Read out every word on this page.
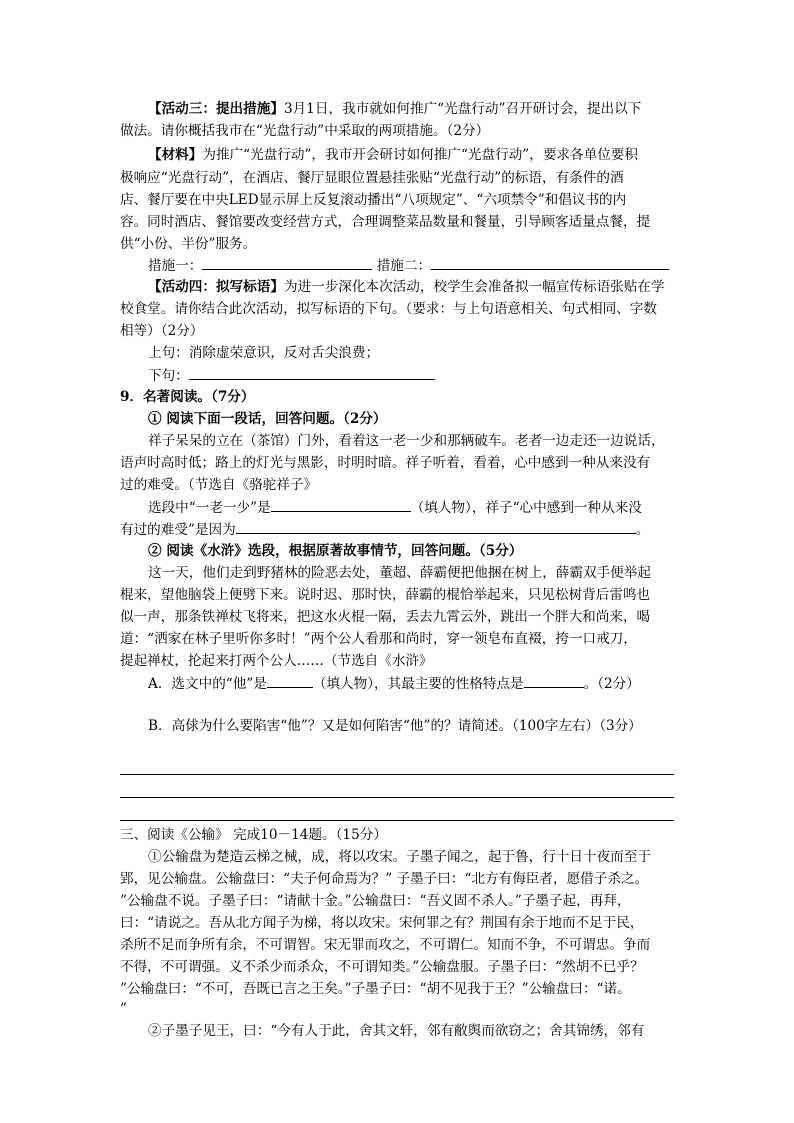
【活动三：提出措施】3月1日，我市就如何推广“光盘行动”召开研讨会，提出以下
做法。请你概括我市在“光盘行动”中采取的两项措施。（2分）
【材料】为推广“光盘行动”，我市开会研讨如何推广“光盘行动”，要求各单位要积
极响应“光盘行动”，在酒店、餐厅显眼位置悬挂张贴“光盘行动”的标语，有条件的酒
店、餐厅要在中央LED显示屏上反复滚动播出“八项规定”、“六项禁令”和倡议书的内
容。同时酒店、餐馆要改变经营方式，合理调整菜品数量和餐量，引导顾客适量点餐，提
供“小份、半份”服务。
措施一：	措施二：
【活动四：拟写标语】为进一步深化本次活动，校学生会准备拟一幅宣传标语张贴在学
校食堂。请你结合此次活动，拟写标语的下句。（要求：与上句语意相关、句式相同、字数
相等）（2分）
上句：消除虚荣意识，反对舌尖浪费；
下句：
9．名著阅读。（7分）
① 阅读下面一段话，回答问题。（2分）
祥子呆呆的立在（茶馆）门外，看着这一老一少和那辆破车。老者一边走还一边说话，
语声时高时低；路上的灯光与黑影，时明时暗。祥子听着，看着，心中感到一种从来没有
过的难受。（节选自《骆驼祥子》
选段中“一老一少”是	（填人物），祥子“心中感到一种从来没
有过的难受”是因为	。
② 阅读《水浒》选段，根据原著故事情节，回答问题。（5分）
这一天，他们走到野猪林的险恶去处，董超、薛霸便把他捆在树上，薛霸双手便举起
棍来，望他脑袋上便劈下来。说时迟、那时快，薛霸的棍恰举起来，只见松树背后雷鸣也
似一声，那条铁禅杖飞将来，把这水火棍一隔，丢去九霄云外，跳出一个胖大和尚来，喝
道：“洒家在林子里听你多时！”两个公人看那和尚时，穿一领皂布直裰，挎一口戒刀，
提起禅杖，抡起来打两个公人……（节选自《水浒》
A．选文中的“他”是	（填人物），其最主要的性格特点是	。（2分）
B．高俅为什么要陷害“他”？又是如何陷害“他”的？请简述。（100字左右）（3分）
三、阅读《公输》 完成10－14题。（15分）
①公输盘为楚造云梯之械，成，将以攻宋。子墨子闻之，起于鲁，行十日十夜而至于
郢，见公输盘。公输盘曰：“夫子何命焉为？” 子墨子曰：“北方有侮臣者，愿借子杀之。
”公输盘不说。子墨子曰：“请献十金。”公输盘曰：“吾义固不杀人。”子墨子起，再拜，
曰：“请说之。吾从北方闻子为梯，将以攻宋。宋何罪之有？荆国有余于地而不足于民，
杀所不足而争所有余，不可谓智。宋无罪而攻之，不可谓仁。知而不争，不可谓忠。争而
不得，不可谓强。义不杀少而杀众，不可谓知类。”公输盘服。子墨子曰：“然胡不已乎？
”公输盘曰：“不可，吾既已言之王矣。”子墨子曰：“胡不见我于王？”公输盘曰：“诺。
”
②子墨子见王，曰：“今有人于此，舍其文轩，邻有敝舆而欲窃之；舍其锦绣，邻有
